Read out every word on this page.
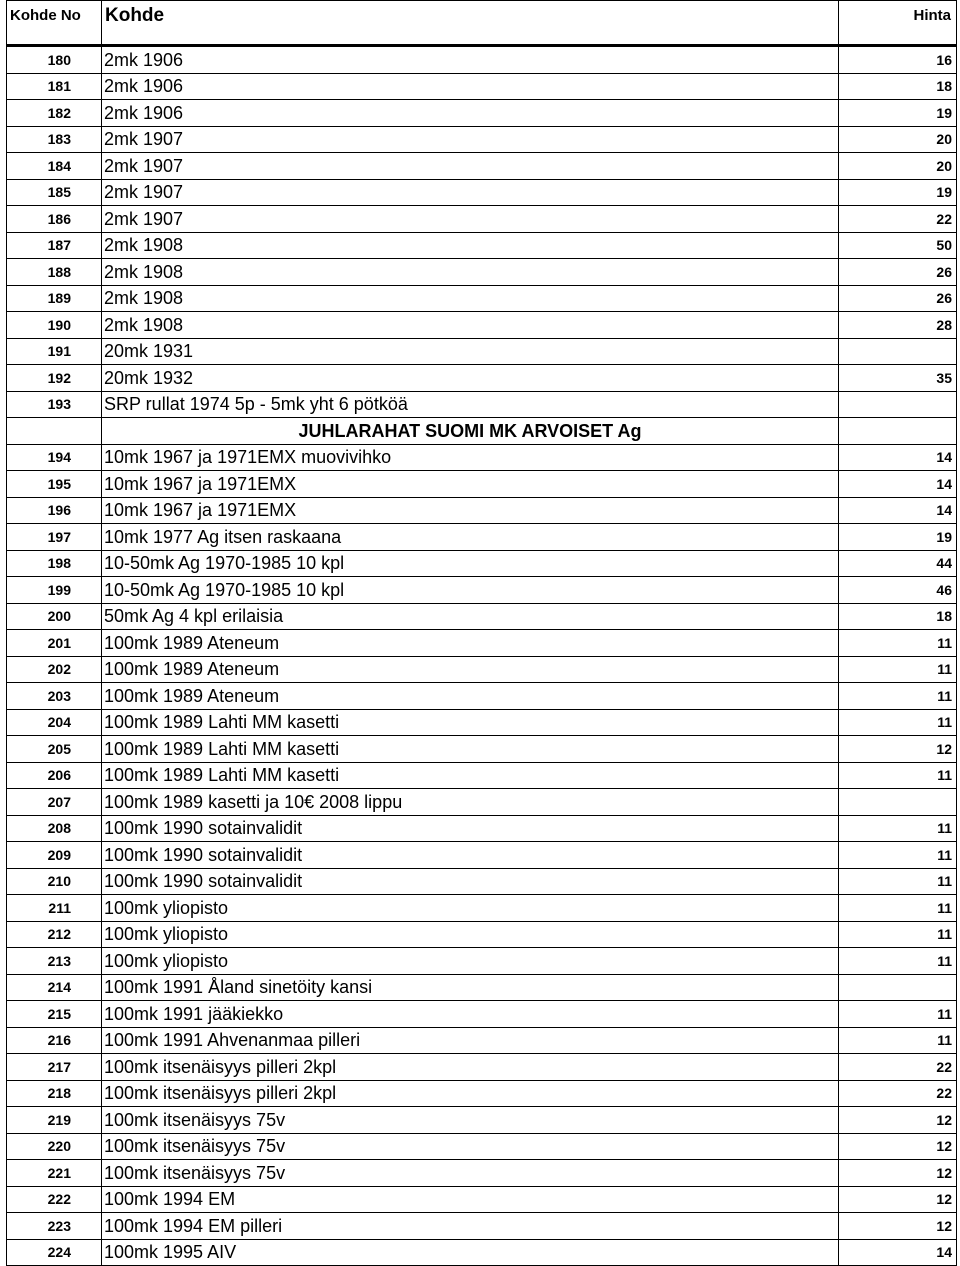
Kohde No	Kohde	Hinta
180	2mk 1906	16
181	2mk 1906	18
182	2mk 1906	19
183	2mk 1907	20
184	2mk 1907	20
185	2mk 1907	19
186	2mk 1907	22
187	2mk 1908	50
188	2mk 1908	26
189	2mk 1908	26
190	2mk 1908	28
191	20mk 1931	
192	20mk 1932	35
193	SRP rullat 1974 5p - 5mk yht 6 pötköä	
	JUHLARAHAT SUOMI MK ARVOISET Ag	
194	10mk 1967 ja 1971EMX muovivihko	14
195	10mk 1967 ja 1971EMX	14
196	10mk 1967 ja 1971EMX	14
197	10mk 1977 Ag itsen raskaana	19
198	10-50mk Ag 1970-1985 10 kpl	44
199	10-50mk Ag 1970-1985 10 kpl	46
200	50mk Ag 4 kpl erilaisia	18
201	100mk 1989 Ateneum	11
202	100mk 1989 Ateneum	11
203	100mk 1989 Ateneum	11
204	100mk 1989 Lahti MM kasetti	11
205	100mk 1989 Lahti MM kasetti	12
206	100mk 1989 Lahti MM kasetti	11
207	100mk 1989 kasetti ja 10€ 2008 lippu	
208	100mk 1990 sotainvalidit	11
209	100mk 1990 sotainvalidit	11
210	100mk 1990 sotainvalidit	11
211	100mk yliopisto	11
212	100mk yliopisto	11
213	100mk yliopisto	11
214	100mk 1991 Åland sinetöity kansi	
215	100mk 1991 jääkiekko	11
216	100mk 1991 Ahvenanmaa pilleri	11
217	100mk itsenäisyys pilleri 2kpl	22
218	100mk itsenäisyys pilleri 2kpl	22
219	100mk itsenäisyys 75v	12
220	100mk itsenäisyys 75v	12
221	100mk itsenäisyys 75v	12
222	100mk 1994 EM	12
223	100mk 1994 EM pilleri	12
224	100mk 1995 AIV	14
